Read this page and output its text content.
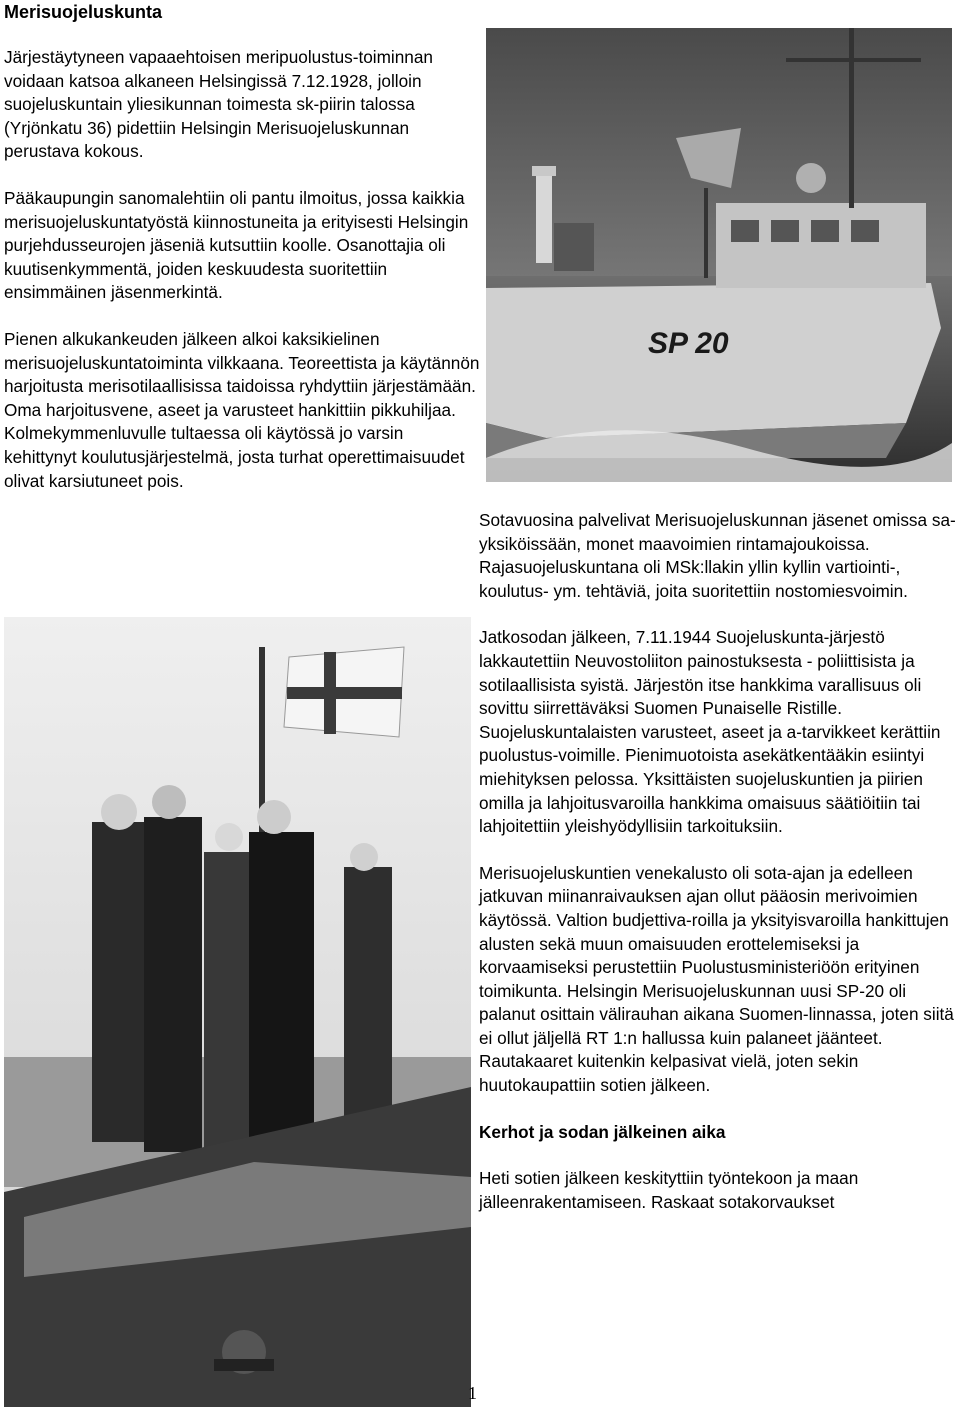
Merisuojeluskunta

Järjestäytyneen vapaaehtoisen meripuolustus-toiminnan voidaan katsoa alkaneen Helsingissä 7.12.1928, jolloin suojeluskuntain yliesikunnan toimesta sk-piirin talossa (Yrjönkatu 36) pidettiin Helsingin Merisuojeluskunnan perustava kokous.

Pääkaupungin sanomalehtiin oli pantu ilmoitus, jossa kaikkia merisuojeluskuntatyöstä kiinnostuneita ja erityisesti Helsingin purjehdusseurojen jäseniä kutsuttiin koolle. Osanottajia oli kuutisenkymmentä, joiden keskuudesta suoritettiin ensimmäinen jäsenmerkintä.

Pienen alkukankeuden jälkeen alkoi kaksikielinen merisuojeluskuntatoiminta vilkkaana. Teoreettista ja käytännön harjoitusta merisotilaallisissa taidoissa ryhdyttiin järjestämään. Oma harjoitusvene, aseet ja varusteet hankittiin pikkuhiljaa. Kolmekymmenluvulle tultaessa oli käytössä jo varsin kehittynyt koulutusjärjestelmä, josta turhat operettimaisuudet olivat karsiutuneet pois.

SP 20

Sotavuosina palvelivat Merisuojeluskunnan jäsenet omissa sa-yksiköissään, monet maavoimien rintamajoukoissa. Rajasuojeluskuntana oli MSk:llakin yllin kyllin vartiointi-, koulutus- ym. tehtäviä, joita suoritettiin nostomiesvoimin.

Jatkosodan jälkeen, 7.11.1944 Suojeluskunta-järjestö lakkautettiin Neuvostoliiton painostuksesta - poliittisista ja sotilaallisista syistä. Järjestön itse hankkima varallisuus oli sovittu siirrettäväksi Suomen Punaiselle Ristille. Suojeluskuntalaisten varusteet, aseet ja a-tarvikkeet kerättiin puolustus-voimille. Pienimuotoista asekätkentääkin esiintyi miehityksen pelossa. Yksittäisten suojeluskuntien ja piirien omilla ja lahjoitusvaroilla hankkima omaisuus säätiöitiin tai lahjoitettiin yleishyödyllisiin tarkoituksiin.

Merisuojeluskuntien venekalusto oli sota-ajan ja edelleen jatkuvan miinanraivauksen ajan ollut pääosin merivoimien käytössä. Valtion budjettiva-roilla ja yksityisvaroilla hankittujen alusten sekä muun omaisuuden erottelemiseksi ja korvaamiseksi perustettiin Puolustusministeriöön erityinen toimikunta. Helsingin Merisuojeluskunnan uusi SP-20 oli palanut osittain välirauhan aikana Suomen-linnassa, joten siitä ei ollut jäljellä RT 1:n hallussa kuin palaneet jäänteet. Rautakaaret kuitenkin kelpasivat vielä, joten sekin huutokaupattiin sotien jälkeen.

Kerhot ja sodan jälkeinen aika

Heti sotien jälkeen keskityttiin työntekoon ja maan jälleenrakentamiseen. Raskaat sotakorvaukset

1
